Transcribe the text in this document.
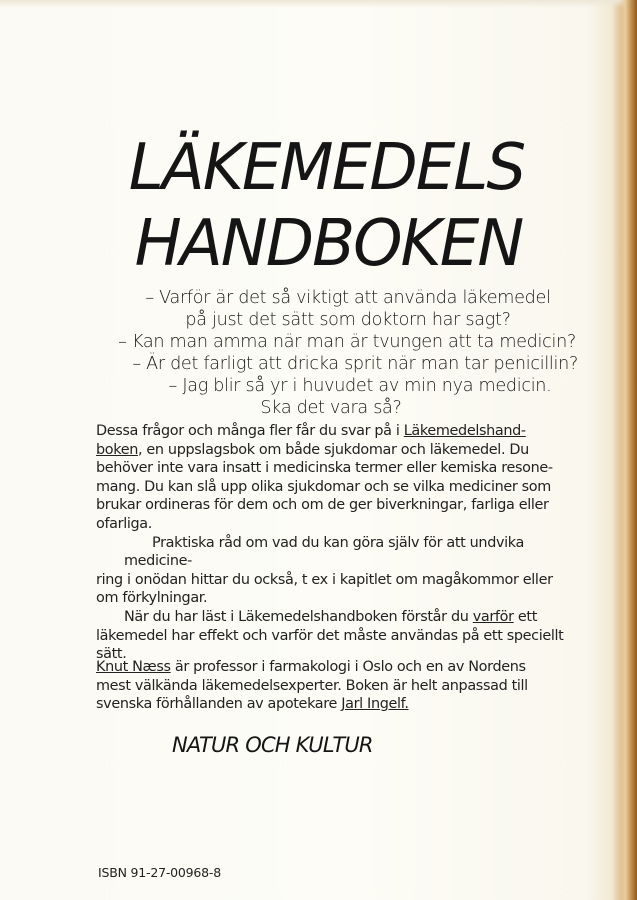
LÄKEMEDELS
HANDBOKEN
– Varför är det så viktigt att använda läkemedel
på just det sätt som doktorn har sagt?
– Kan man amma när man är tvungen att ta medicin?
– Är det farligt att dricka sprit när man tar penicillin?
– Jag blir så yr i huvudet av min nya medicin.
Ska det vara så?

Dessa frågor och många fler får du svar på i Läkemedelshand-
boken, en uppslagsbok om både sjukdomar och läkemedel. Du
behöver inte vara insatt i medicinska termer eller kemiska resone-
mang. Du kan slå upp olika sjukdomar och se vilka mediciner som
brukar ordineras för dem och om de ger biverkningar, farliga eller
ofarliga.

Praktiska råd om vad du kan göra själv för att undvika medicine-
ring i onödan hittar du också, t ex i kapitlet om magåkommor eller
om förkylningar.

När du har läst i Läkemedelshandboken förstår du varför ett
läkemedel har effekt och varför det måste användas på ett speciellt
sätt.

Knut Næss är professor i farmakologi i Oslo och en av Nordens
mest välkända läkemedelsexperter. Boken är helt anpassad till
svenska förhållanden av apotekare Jarl Ingelf.

NATUR OCH KULTUR
ISBN 91-27-00968-8
